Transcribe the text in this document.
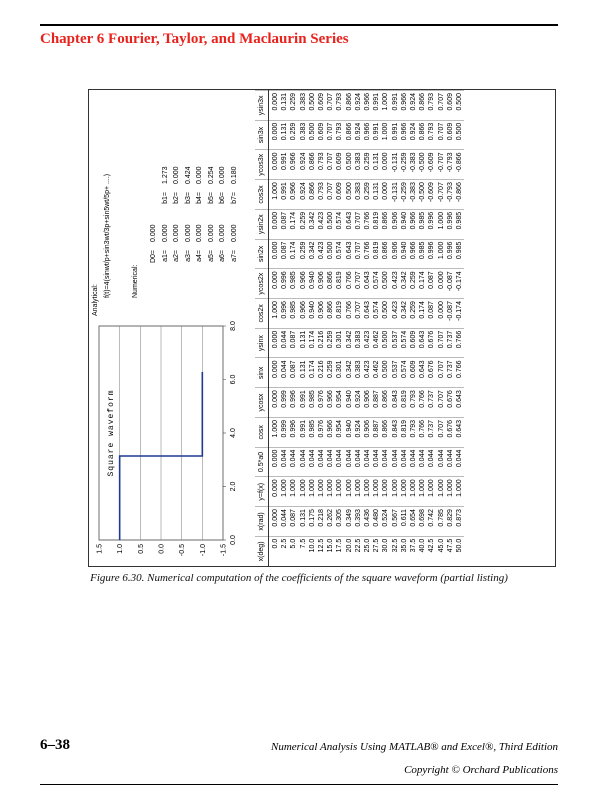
Chapter 6 Fourier, Taylor, and Maclaurin Series
1.5 1.0 0.5 0.0 -0.5 -1.0 -1.5
0.0
2.0
4.0
6.0
8.0
Square waveform
Analytical:
f(t)=4(sinwt/p+sin3wt/3p+sin5wt/5p+ ....)	Numerical:
D0=
0.000
a1=
0.000
a2=
0.000
a3=
0.000
a4=
0.000
a5=
0.000
a6=
0.000
a7=
0.000
b1=
1.273
b2=
0.000
b3=
0.424
b4=
0.000
b5=
0.254
b6=
0.000
b7=
0.180
x(deg)	x(rad)	y=f(x)	0.5*a0	cosx	ycosx	sinx	ysinx	cos2x	ycos2x	sin2x	ysin2x	cos3x	ycos3x	sin3x	ysin3x
0.0	0.000	0.000	0.000	1.000	0.000	0.000	0.000	1.000	0.000	0.000	0.000	1.000	0.000	0.000	0.000
2.5	0.044	1.000	0.044	0.999	0.999	0.044	0.044	0.996	0.996	0.087	0.087	0.991	0.991	0.131	0.131
5.0	0.087	1.000	0.044	0.996	0.996	0.087	0.087	0.985	0.985	0.174	0.174	0.966	0.966	0.259	0.259
7.5	0.131	1.000	0.044	0.991	0.991	0.131	0.131	0.966	0.966	0.259	0.259	0.924	0.924	0.383	0.383
10.0	0.175	1.000	0.044	0.985	0.985	0.174	0.174	0.940	0.940	0.342	0.342	0.866	0.866	0.500	0.500
12.5	0.218	1.000	0.044	0.976	0.976	0.216	0.216	0.906	0.906	0.423	0.423	0.793	0.793	0.609	0.609
15.0	0.262	1.000	0.044	0.966	0.966	0.259	0.259	0.866	0.866	0.500	0.500	0.707	0.707	0.707	0.707
17.5	0.305	1.000	0.044	0.954	0.954	0.301	0.301	0.819	0.819	0.574	0.574	0.609	0.609	0.793	0.793
20.0	0.349	1.000	0.044	0.940	0.940	0.342	0.342	0.766	0.766	0.643	0.643	0.500	0.500	0.866	0.866
22.5	0.393	1.000	0.044	0.924	0.924	0.383	0.383	0.707	0.707	0.707	0.707	0.383	0.383	0.924	0.924
25.0	0.436	1.000	0.044	0.906	0.906	0.423	0.423	0.643	0.643	0.766	0.766	0.259	0.259	0.966	0.966
27.5	0.480	1.000	0.044	0.887	0.887	0.462	0.462	0.574	0.574	0.819	0.819	0.131	0.131	0.991	0.991
30.0	0.524	1.000	0.044	0.866	0.866	0.500	0.500	0.500	0.500	0.866	0.866	0.000	0.000	1.000	1.000
32.5	0.567	1.000	0.044	0.843	0.843	0.537	0.537	0.423	0.423	0.906	0.906	-0.131	-0.131	0.991	0.991
35.0	0.611	1.000	0.044	0.819	0.819	0.574	0.574	0.342	0.342	0.940	0.940	-0.259	-0.259	0.966	0.966
37.5	0.654	1.000	0.044	0.793	0.793	0.609	0.609	0.259	0.259	0.966	0.966	-0.383	-0.383	0.924	0.924
40.0	0.698	1.000	0.044	0.766	0.766	0.643	0.643	0.174	0.174	0.985	0.985	-0.500	-0.500	0.866	0.866
42.5	0.742	1.000	0.044	0.737	0.737	0.676	0.676	0.087	0.087	0.996	0.996	-0.609	-0.609	0.793	0.793
45.0	0.785	1.000	0.044	0.707	0.707	0.707	0.707	0.000	0.000	1.000	1.000	-0.707	-0.707	0.707	0.707
47.5	0.829	1.000	0.044	0.676	0.676	0.737	0.737	-0.087	-0.087	0.996	0.996	-0.793	-0.793	0.609	0.609
50.0	0.873	1.000	0.044	0.643	0.643	0.766	0.766	-0.174	-0.174	0.985	0.985	-0.866	-0.866	0.500	0.500
Figure 6.30. Numerical computation of the coefficients of the square waveform (partial listing)
6–38	Numerical Analysis Using MATLAB® and Excel®, Third Edition
Copyright © Orchard Publications
